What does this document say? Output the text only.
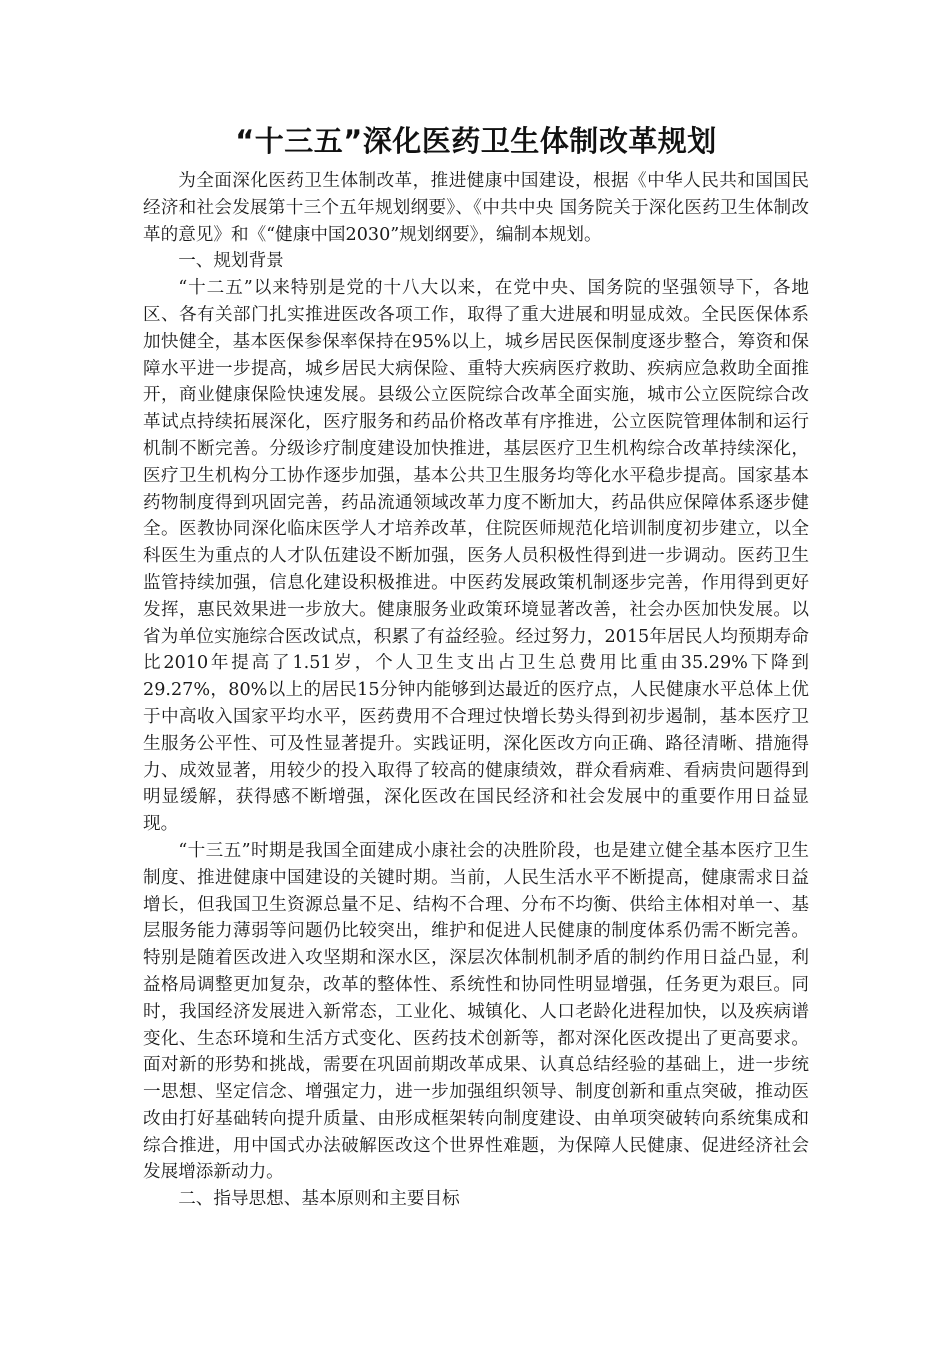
“十三五”深化医药卫生体制改革规划

为全面深化医药卫生体制改革，推进健康中国建设，根据《中华人民共和国国民经济和社会发展第十三个五年规划纲要》、《中共中央 国务院关于深化医药卫生体制改革的意见》和《“健康中国2030”规划纲要》，编制本规划。

一、规划背景

“十二五”以来特别是党的十八大以来，在党中央、国务院的坚强领导下，各地区、各有关部门扎实推进医改各项工作，取得了重大进展和明显成效。全民医保体系加快健全，基本医保参保率保持在95%以上，城乡居民医保制度逐步整合，筹资和保障水平进一步提高，城乡居民大病保险、重特大疾病医疗救助、疾病应急救助全面推开，商业健康保险快速发展。县级公立医院综合改革全面实施，城市公立医院综合改革试点持续拓展深化，医疗服务和药品价格改革有序推进，公立医院管理体制和运行机制不断完善。分级诊疗制度建设加快推进，基层医疗卫生机构综合改革持续深化，医疗卫生机构分工协作逐步加强，基本公共卫生服务均等化水平稳步提高。国家基本药物制度得到巩固完善，药品流通领域改革力度不断加大，药品供应保障体系逐步健全。医教协同深化临床医学人才培养改革，住院医师规范化培训制度初步建立，以全科医生为重点的人才队伍建设不断加强，医务人员积极性得到进一步调动。医药卫生监管持续加强，信息化建设积极推进。中医药发展政策机制逐步完善，作用得到更好发挥，惠民效果进一步放大。健康服务业政策环境显著改善，社会办医加快发展。以省为单位实施综合医改试点，积累了有益经验。经过努力，2015年居民人均预期寿命比2010年提高了1.51岁，个人卫生支出占卫生总费用比重由35.29%下降到29.27%，80%以上的居民15分钟内能够到达最近的医疗点，人民健康水平总体上优于中高收入国家平均水平，医药费用不合理过快增长势头得到初步遏制，基本医疗卫生服务公平性、可及性显著提升。实践证明，深化医改方向正确、路径清晰、措施得力、成效显著，用较少的投入取得了较高的健康绩效，群众看病难、看病贵问题得到明显缓解，获得感不断增强，深化医改在国民经济和社会发展中的重要作用日益显现。

“十三五”时期是我国全面建成小康社会的决胜阶段，也是建立健全基本医疗卫生制度、推进健康中国建设的关键时期。当前，人民生活水平不断提高，健康需求日益增长，但我国卫生资源总量不足、结构不合理、分布不均衡、供给主体相对单一、基层服务能力薄弱等问题仍比较突出，维护和促进人民健康的制度体系仍需不断完善。特别是随着医改进入攻坚期和深水区，深层次体制机制矛盾的制约作用日益凸显，利益格局调整更加复杂，改革的整体性、系统性和协同性明显增强，任务更为艰巨。同时，我国经济发展进入新常态，工业化、城镇化、人口老龄化进程加快，以及疾病谱变化、生态环境和生活方式变化、医药技术创新等，都对深化医改提出了更高要求。面对新的形势和挑战，需要在巩固前期改革成果、认真总结经验的基础上，进一步统一思想、坚定信念、增强定力，进一步加强组织领导、制度创新和重点突破，推动医改由打好基础转向提升质量、由形成框架转向制度建设、由单项突破转向系统集成和综合推进，用中国式办法破解医改这个世界性难题，为保障人民健康、促进经济社会发展增添新动力。

二、指导思想、基本原则和主要目标
